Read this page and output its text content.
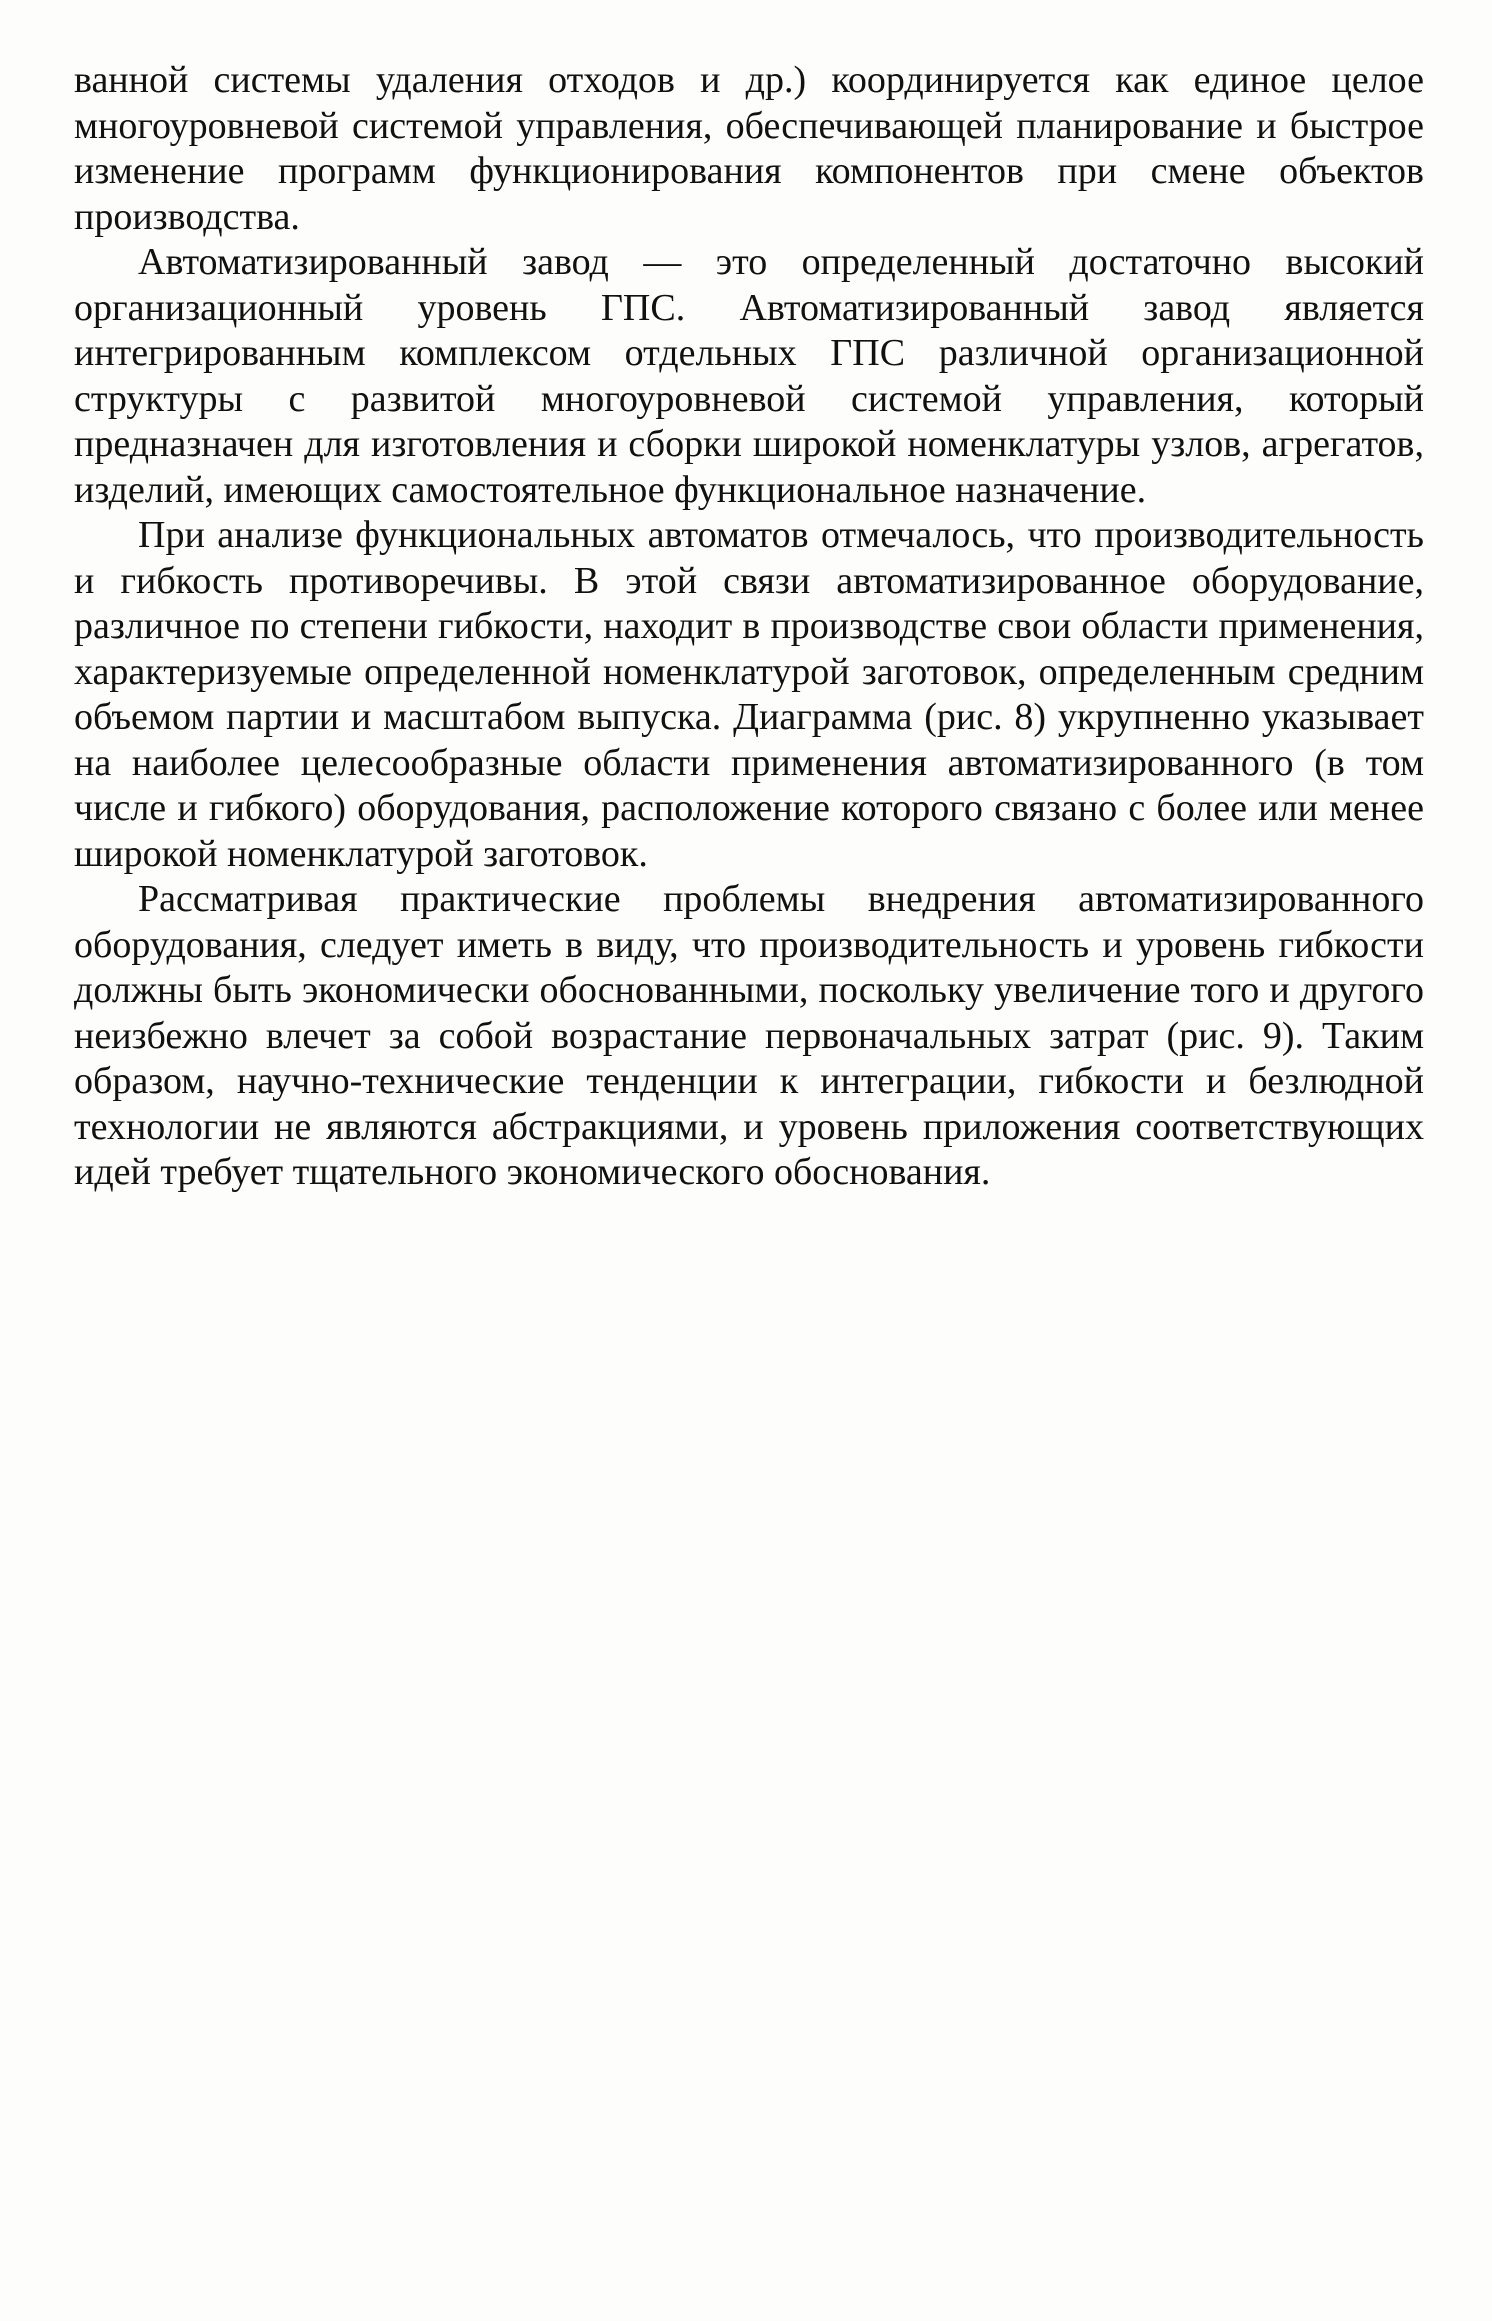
ванной системы удаления отходов и др.) координируется как единое целое многоуровневой системой управления, обеспечивающей планирование и быстрое изменение программ функционирования компонентов при смене объектов производства.

Автоматизированный завод — это определенный достаточно высокий организационный уровень ГПС. Автоматизированный завод является интегрированным комплексом отдельных ГПС различной организационной структуры с развитой многоуровневой системой управления, который предназначен для изготовления и сборки широкой номенклатуры узлов, агрегатов, изделий, имеющих самостоятельное функциональное назначение.

При анализе функциональных автоматов отмечалось, что производительность и гибкость противоречивы. В этой связи автоматизированное оборудование, различное по степени гибкости, находит в производстве свои области применения, характеризуемые определенной номенклатурой заготовок, определенным средним объемом партии и масштабом выпуска. Диаграмма (рис. 8) укрупненно указывает на наиболее целесообразные области применения автоматизированного (в том числе и гибкого) оборудования, расположение которого связано с более или менее широкой номенклатурой заготовок.

Рассматривая практические проблемы внедрения автоматизированного оборудования, следует иметь в виду, что производительность и уровень гибкости должны быть экономически обоснованными, поскольку увеличение того и другого неизбежно влечет за собой возрастание первоначальных затрат (рис. 9). Таким образом, научно-технические тенденции к интеграции, гибкости и безлюдной технологии не являются абстракциями, и уровень приложения соответствующих идей требует тщательного экономического обоснования.
